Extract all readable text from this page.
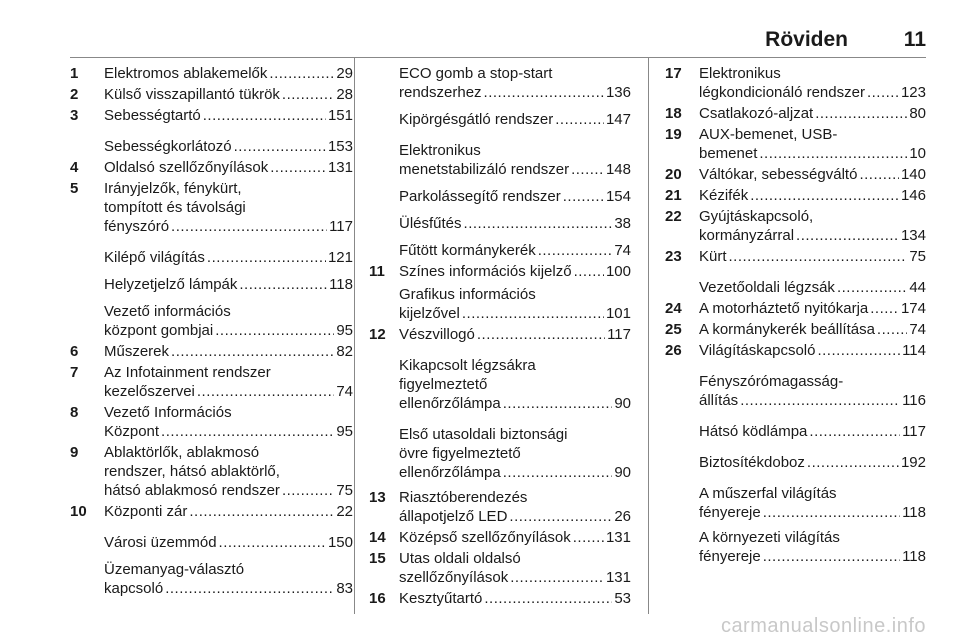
Röviden	11
1 Elektromos ablakemelők .....	29
2 Külső visszapillantó tükrök .....	28
3 Sebességtartó .....	151
Sebességkorlátozó .....	153
4 Oldalsó szellőzőnyílások .....	131
5 Irányjelzők, fénykürt,
tompított és távolsági
fényszóró .....	117
Kilépő világítás .....	121
Helyzetjelző lámpák .....	118
Vezető információs
központ gombjai .....	95
6 Műszerek .....	82
7 Az Infotainment rendszer
kezelőszervei .....	74
8 Vezető Információs
Központ .....	95
9 Ablaktörlők, ablakmosó
rendszer, hátsó ablaktörlő,
hátsó ablakmosó rendszer .....	75
10 Központi zár .....	22
Városi üzemmód .....	150
Üzemanyag-választó
kapcsoló .....	83
ECO gomb a stop-start
rendszerhez .....	136
Kipörgésgátló rendszer .....	147
Elektronikus
menetstabilizáló rendszer ..... 148
Parkolássegítő rendszer .....	154
Ülésfűtés .....	38
Fűtött kormánykerék .....	74
11 Színes információs kijelző ..... 100
Grafikus információs
kijelzővel .....	101
12 Vészvillogó .....	117
Kikapcsolt légzsákra
figyelmeztető
ellenőrzőlámpa .....	90
Első utasoldali biztonsági
övre figyelmeztető
ellenőrzőlámpa .....	90
13 Riasztóberendezés
állapotjelző LED .....	26
14 Középső szellőzőnyílások ..... 131
15 Utas oldali oldalsó
szellőzőnyílások .....	131
16 Kesztyűtartó .....	53
17 Elektronikus
légkondicionáló rendszer ..... 123
18 Csatlakozó-aljzat .....	80
19 AUX-bemenet, USB-
bemenet .....	10
20 Váltókar, sebességváltó .....	140
21 Kézifék .....	146
22 Gyújtáskapcsoló,
kormányzárral .....	134
23 Kürt .....	75
Vezetőoldali légzsák .....	44
24 A motorháztető nyitókarja ..... 174
25 A kormánykerék beállítása ..... 74
26 Világításkapcsoló .....	114
Fényszórómagasság-
állítás .....	116
Hátsó ködlámpa .....	117
Biztosítékdoboz .....	192
A műszerfal világítás
fényereje .....	118
A környezeti világítás
fényereje .....	118
carmanualsonline.info
